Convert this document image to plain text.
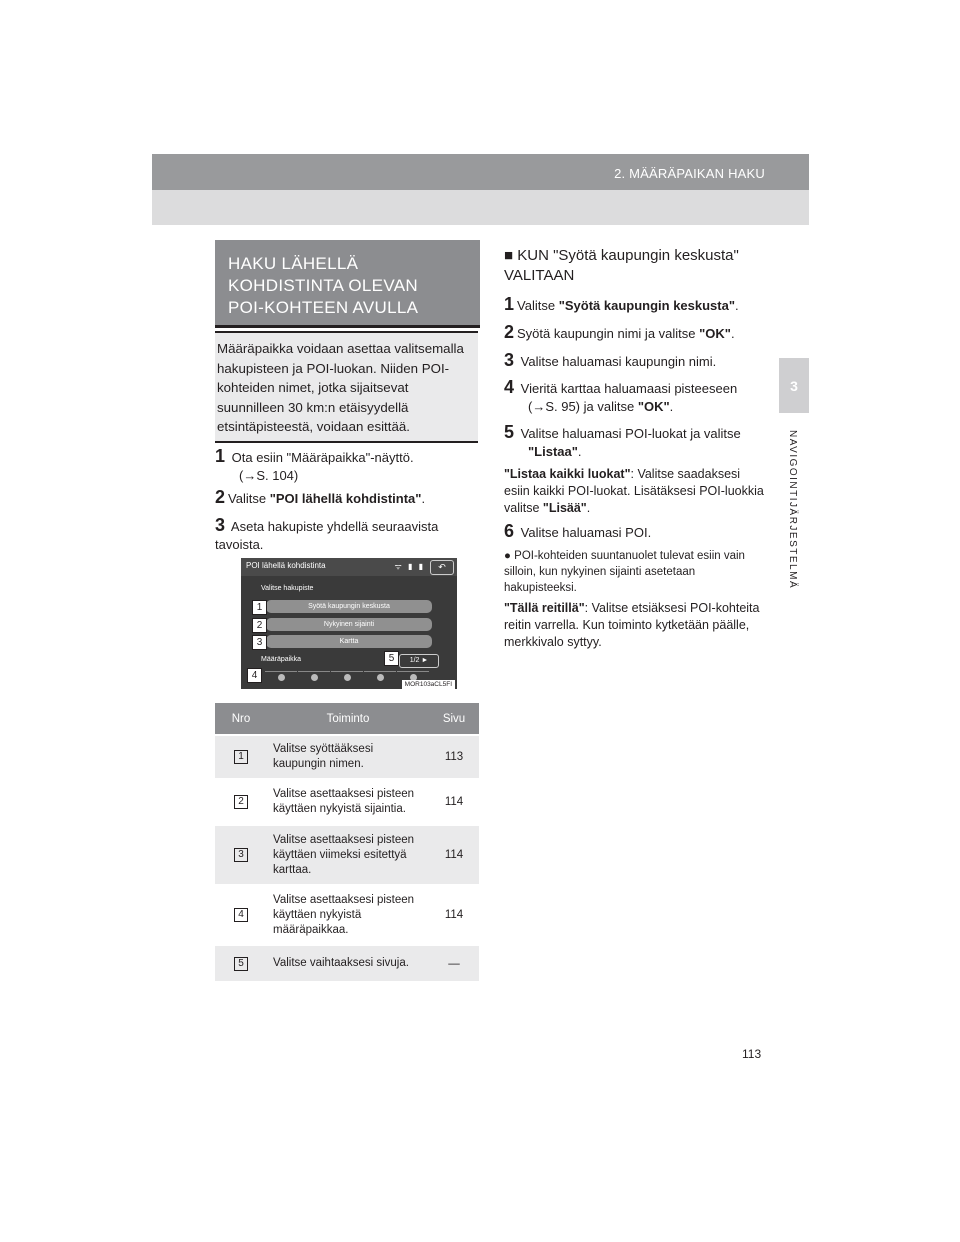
2. MÄÄRÄPAIKAN HAKU
3
NAVIGOINTIJÄRJESTELMÄ
HAKU LÄHELLÄ
KOHDISTINTA OLEVAN
POI-KOHTEEN AVULLA
Määräpaikka voidaan asettaa valitsemalla hakupisteen ja POI-luokan. Niiden POI-kohteiden nimet, jotka sijaitsevat suunnilleen 30 km:n etäisyydellä etsintäpisteestä, voidaan esittää.
1 Ota esiin "Määräpaikka"-näyttö.
(→S. 104)
2 Valitse "POI lähellä kohdistinta".
3 Aseta hakupiste yhdellä seuraavista tavoista.
POI lähellä kohdistinta	ᯤ ▮ ▮	↶
Valitse hakupiste
Syötä kaupungin keskusta
Nykyinen sijainti
Kartta
Määräpaikka	1/2 ►
1
2
3
4
5
MOR103aCL5FI
Nro	Toiminto	Sivu
1	Valitse syöttääksesi kaupungin nimen.	113
2	Valitse asettaaksesi pisteen käyttäen nykyistä sijaintia.	114
3	Valitse asettaaksesi pisteen käyttäen viimeksi esitettyä karttaa.	114
4	Valitse asettaaksesi pisteen käyttäen nykyistä määräpaikkaa.	114
5	Valitse vaihtaaksesi sivuja.	—
■ KUN "Syötä kaupungin keskusta" VALITAAN
1 Valitse "Syötä kaupungin keskusta".
2 Syötä kaupungin nimi ja valitse "OK".
3 Valitse haluamasi kaupungin nimi.
4 Vieritä karttaa haluamaasi pisteeseen
(→S. 95) ja valitse "OK".
5 Valitse haluamasi POI-luokat ja valitse
"Listaa".
"Listaa kaikki luokat": Valitse saadaksesi esiin kaikki POI-luokat. Lisätäksesi POI-luokkia valitse "Lisää".
6 Valitse haluamasi POI.
● POI-kohteiden suuntanuolet tulevat esiin vain silloin, kun nykyinen sijainti asetetaan hakupisteeksi.
"Tällä reitillä": Valitse etsiäksesi POI-kohteita reitin varrella. Kun toiminto kytketään päälle, merkkivalo syttyy.
113
